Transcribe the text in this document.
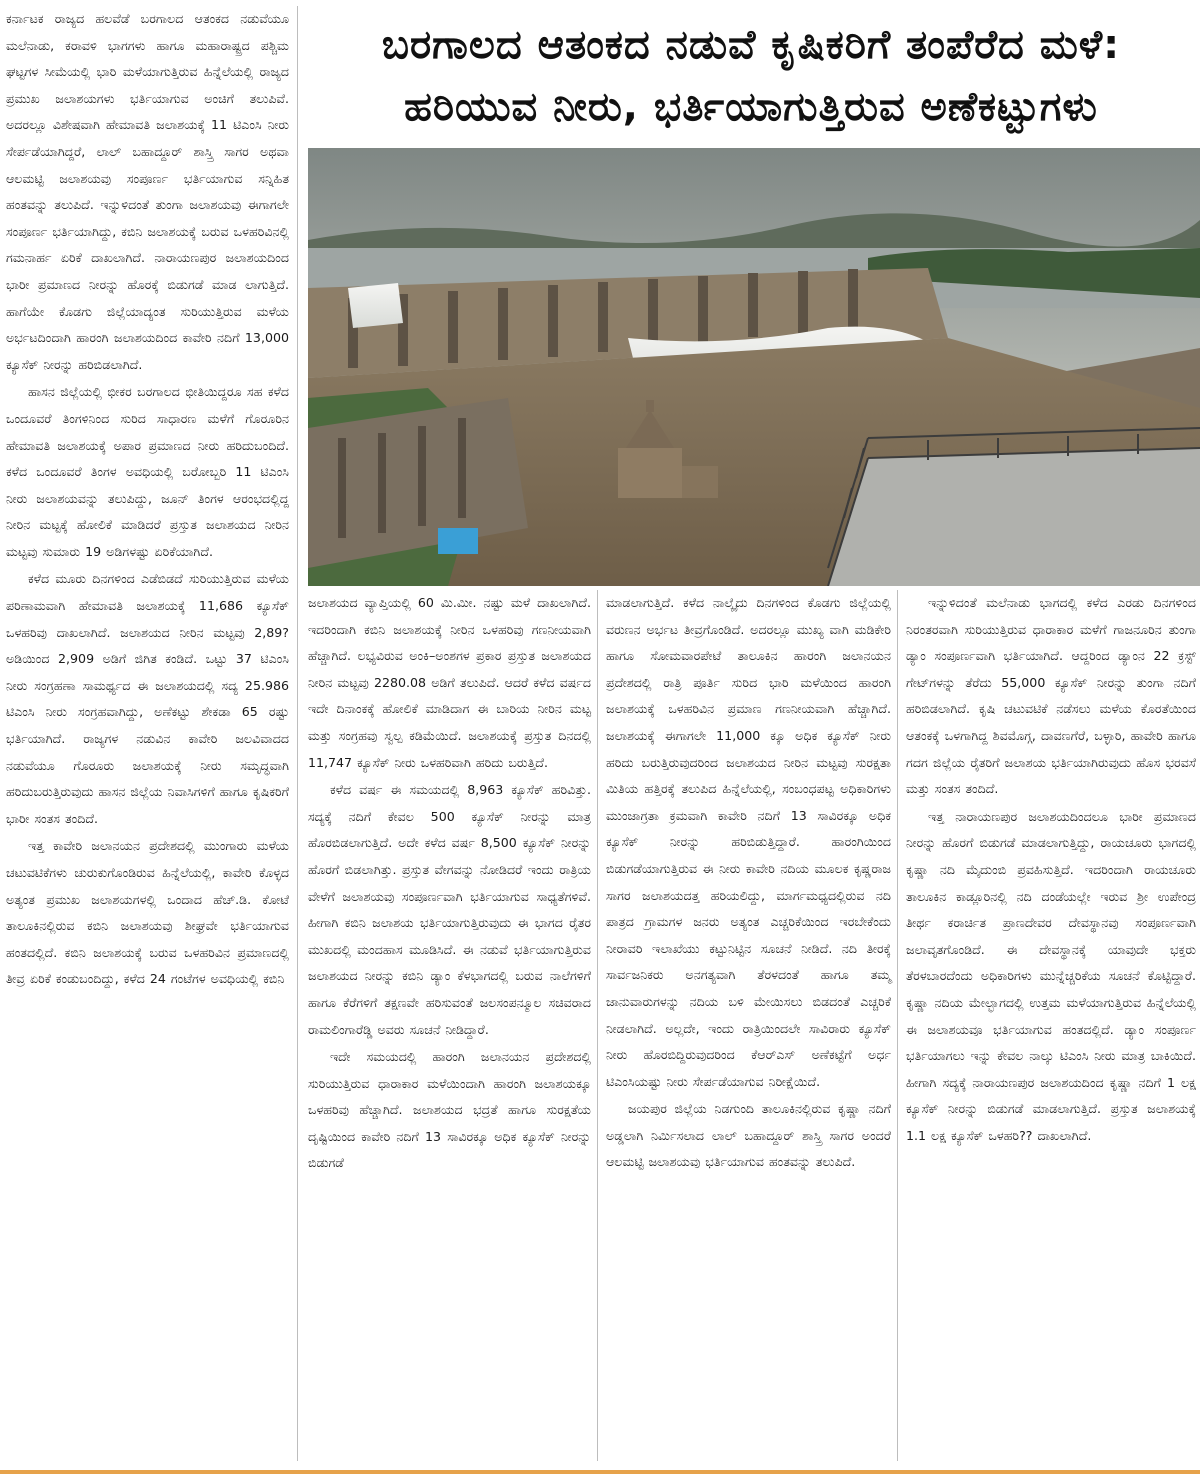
ಕರ್ನಾಟಕ ರಾಜ್ಯದ ಹಲವೆಡೆ ಬರಗಾಲದ ಆತಂಕದ ನಡುವೆಯೂ ಮಲೆನಾಡು, ಕರಾವಳಿ ಭಾಗಗಳು ಹಾಗೂ ಮಹಾರಾಷ್ಟ್ರದ ಪಶ್ಚಿಮ ಘಟ್ಟಗಳ ಸೀಮೆಯಲ್ಲಿ ಭಾರಿ ಮಳೆಯಾಗುತ್ತಿರುವ ಹಿನ್ನೆಲೆಯಲ್ಲಿ ರಾಜ್ಯದ ಪ್ರಮುಖ ಜಲಾಶಯಗಳು ಭರ್ತಿಯಾಗುವ ಅಂಚಿಗೆ ತಲುಪಿವೆ. ಅದರಲ್ಲೂ ವಿಶೇಷವಾಗಿ ಹೇಮಾವತಿ ಜಲಾಶಯಕ್ಕೆ 11 ಟಿಎಂಸಿ ನೀರು ಸೇರ್ಪಡೆಯಾಗಿದ್ದರೆ, ಲಾಲ್ ಬಹಾದ್ದೂರ್ ಶಾಸ್ತ್ರಿ ಸಾಗರ ಅಥವಾ ಆಲಮಟ್ಟಿ ಜಲಾಶಯವು ಸಂಪೂರ್ಣ ಭರ್ತಿಯಾಗುವ ಸನ್ನಿಹಿತ ಹಂತವನ್ನು ತಲುಪಿದೆ. ಇನ್ನುಳಿದಂತೆ ತುಂಗಾ ಜಲಾಶಯವು ಈಗಾಗಲೇ ಸಂಪೂರ್ಣ ಭರ್ತಿಯಾಗಿದ್ದು, ಕಬಿನಿ ಜಲಾಶಯಕ್ಕೆ ಬರುವ ಒಳಹರಿವಿನಲ್ಲಿ ಗಮನಾರ್ಹ ಏರಿಕೆ ದಾಖಲಾಗಿದೆ. ನಾರಾಯಣಪುರ ಜಲಾಶಯದಿಂದ ಭಾರೀ ಪ್ರಮಾಣದ ನೀರನ್ನು ಹೊರಕ್ಕೆ ಬಿಡುಗಡೆ ಮಾಡ ಲಾಗುತ್ತಿದೆ. ಹಾಗೆಯೇ ಕೊಡಗು ಜಿಲ್ಲೆಯಾದ್ಯಂತ ಸುರಿಯುತ್ತಿರುವ ಮಳೆಯ ಅರ್ಭಟದಿಂದಾಗಿ ಹಾರಂಗಿ ಜಲಾಶಯದಿಂದ ಕಾವೇರಿ ನದಿಗೆ 13,000 ಕ್ಯೂಸೆಕ್ ನೀರನ್ನು ಹರಿಬಿಡಲಾಗಿದೆ.

ಹಾಸನ ಜಿಲ್ಲೆಯಲ್ಲಿ ಭೀಕರ ಬರಗಾಲದ ಭೀತಿಯಿದ್ದರೂ ಸಹ ಕಳೆದ ಒಂದೂವರೆ ತಿಂಗಳಿನಿಂದ ಸುರಿದ ಸಾಧಾರಣ ಮಳೆಗೆ ಗೊರೂರಿನ ಹೇಮಾವತಿ ಜಲಾಶಯಕ್ಕೆ ಅಪಾರ ಪ್ರಮಾಣದ ನೀರು ಹರಿದುಬಂದಿದೆ. ಕಳೆದ ಒಂದೂವರೆ ತಿಂಗಳ ಅವಧಿಯಲ್ಲಿ ಬರೋಬ್ಬರಿ 11 ಟಿಎಂಸಿ ನೀರು ಜಲಾಶಯವನ್ನು ತಲುಪಿದ್ದು, ಜೂನ್ ತಿಂಗಳ ಆರಂಭದಲ್ಲಿದ್ದ ನೀರಿನ ಮಟ್ಟಕ್ಕೆ ಹೋಲಿಕೆ ಮಾಡಿದರೆ ಪ್ರಸ್ತುತ ಜಲಾಶಯದ ನೀರಿನ ಮಟ್ಟವು ಸುಮಾರು 19 ಅಡಿಗಳಷ್ಟು ಏರಿಕೆಯಾಗಿದೆ.

ಕಳೆದ ಮೂರು ದಿನಗಳಿಂದ ಎಡೆಬಿಡದೆ ಸುರಿಯುತ್ತಿರುವ ಮಳೆಯ ಪರಿಣಾಮವಾಗಿ ಹೇಮಾವತಿ ಜಲಾಶಯಕ್ಕೆ 11,686 ಕ್ಯೂಸೆಕ್ ಒಳಹರಿವು ದಾಖಲಾಗಿದೆ. ಜಲಾಶಯದ ನೀರಿನ ಮಟ್ಟವು 2,89? ಅಡಿಯಿಂದ 2,909 ಅಡಿಗೆ ಜಿಗಿತ ಕಂಡಿದೆ. ಒಟ್ಟು 37 ಟಿಎಂಸಿ ನೀರು ಸಂಗ್ರಹಣಾ ಸಾಮರ್ಥ್ಯದ ಈ ಜಲಾಶಯದಲ್ಲಿ ಸದ್ಯ 25.986 ಟಿಎಂಸಿ ನೀರು ಸಂಗ್ರಹವಾಗಿದ್ದು, ಅಣೆಕಟ್ಟು ಶೇಕಡಾ 65 ರಷ್ಟು ಭರ್ತಿಯಾಗಿದೆ. ರಾಜ್ಯಗಳ ನಡುವಿನ ಕಾವೇರಿ ಜಲವಿವಾದದ ನಡುವೆಯೂ ಗೊರೂರು ಜಲಾಶಯಕ್ಕೆ ನೀರು ಸಮೃದ್ಧವಾಗಿ ಹರಿದುಬರುತ್ತಿರುವುದು ಹಾಸನ ಜಿಲ್ಲೆಯ ನಿವಾಸಿಗಳಿಗೆ ಹಾಗೂ ಕೃಷಿಕರಿಗೆ ಭಾರೀ ಸಂತಸ ತಂದಿದೆ.

ಇತ್ತ ಕಾವೇರಿ ಜಲಾನಯನ ಪ್ರದೇಶದಲ್ಲಿ ಮುಂಗಾರು ಮಳೆಯ ಚಟುವಟಿಕೆಗಳು ಚುರುಕುಗೊಂಡಿರುವ ಹಿನ್ನೆಲೆಯಲ್ಲಿ, ಕಾವೇರಿ ಕೊಳ್ಳದ ಅತ್ಯಂತ ಪ್ರಮುಖ ಜಲಾಶಯಗಳಲ್ಲಿ ಒಂದಾದ ಹೆಚ್.ಡಿ. ಕೋಟೆ ತಾಲೂಕಿನಲ್ಲಿರುವ ಕಬಿನಿ ಜಲಾಶಯವು ಶೀಘ್ರವೇ ಭರ್ತಿಯಾಗುವ ಹಂತದಲ್ಲಿದೆ. ಕಬಿನಿ ಜಲಾಶಯಕ್ಕೆ ಬರುವ ಒಳಹರಿವಿನ ಪ್ರಮಾಣದಲ್ಲಿ ತೀವ್ರ ಏರಿಕೆ ಕಂಡುಬಂದಿದ್ದು, ಕಳೆದ 24 ಗಂಟೆಗಳ ಅವಧಿಯಲ್ಲಿ ಕಬಿನಿ

ಬರಗಾಲದ ಆತಂಕದ ನಡುವೆ ಕೃಷಿಕರಿಗೆ ತಂಪೆರೆದ ಮಳೆ:
ಹರಿಯುವ ನೀರು, ಭರ್ತಿಯಾಗುತ್ತಿರುವ ಅಣೆಕಟ್ಟುಗಳು

ಜಲಾಶಯದ ವ್ಯಾಪ್ತಿಯಲ್ಲಿ 60 ಮಿ.ಮೀ. ನಷ್ಟು ಮಳೆ ದಾಖಲಾಗಿದೆ. ಇದರಿಂದಾಗಿ ಕಬಿನಿ ಜಲಾಶಯಕ್ಕೆ ನೀರಿನ ಒಳಹರಿವು ಗಣನೀಯವಾಗಿ ಹೆಚ್ಚಾಗಿದೆ. ಲಭ್ಯವಿರುವ ಅಂಕಿ–ಅಂಶಗಳ ಪ್ರಕಾರ ಪ್ರಸ್ತುತ ಜಲಾಶಯದ ನೀರಿನ ಮಟ್ಟವು 2280.08 ಅಡಿಗೆ ತಲುಪಿದೆ. ಆದರೆ ಕಳೆದ ವರ್ಷದ ಇದೇ ದಿನಾಂಕಕ್ಕೆ ಹೋಲಿಕೆ ಮಾಡಿದಾಗ ಈ ಬಾರಿಯ ನೀರಿನ ಮಟ್ಟ ಮತ್ತು ಸಂಗ್ರಹವು ಸ್ವಲ್ಪ ಕಡಿಮೆಯಿದೆ. ಜಲಾಶಯಕ್ಕೆ ಪ್ರಸ್ತುತ ದಿನದಲ್ಲಿ 11,747 ಕ್ಯೂಸೆಕ್ ನೀರು ಒಳಹರಿವಾಗಿ ಹರಿದು ಬರುತ್ತಿದೆ.

ಕಳೆದ ವರ್ಷ ಈ ಸಮಯದಲ್ಲಿ 8,963 ಕ್ಯೂಸೆಕ್ ಹರಿವಿತ್ತು. ಸದ್ಯಕ್ಕೆ ನದಿಗೆ ಕೇವಲ 500 ಕ್ಯೂಸೆಕ್ ನೀರನ್ನು ಮಾತ್ರ ಹೊರಬಿಡಲಾಗುತ್ತಿದೆ. ಅದೇ ಕಳೆದ ವರ್ಷ 8,500 ಕ್ಯೂಸೆಕ್ ನೀರನ್ನು ಹೊರಗೆ ಬಿಡಲಾಗಿತ್ತು. ಪ್ರಸ್ತುತ ವೇಗವನ್ನು ನೋಡಿದರೆ ಇಂದು ರಾತ್ರಿಯ ವೇಳೆಗೆ ಜಲಾಶಯವು ಸಂಪೂರ್ಣವಾಗಿ ಭರ್ತಿಯಾಗುವ ಸಾಧ್ಯತೆಗಳಿವೆ. ಹೀಗಾಗಿ ಕಬಿನಿ ಜಲಾಶಯ ಭರ್ತಿಯಾಗುತ್ತಿರುವುದು ಈ ಭಾಗದ ರೈತರ ಮುಖದಲ್ಲಿ ಮಂದಹಾಸ ಮೂಡಿಸಿದೆ. ಈ ನಡುವೆ ಭರ್ತಿಯಾಗುತ್ತಿರುವ ಜಲಾಶಯದ ನೀರನ್ನು ಕಬಿನಿ ಡ್ಯಾಂ ಕೆಳಭಾಗದಲ್ಲಿ ಬರುವ ನಾಲೆಗಳಿಗೆ ಹಾಗೂ ಕೆರೆಗಳಿಗೆ ತಕ್ಷಣವೇ ಹರಿಸುವಂತೆ ಜಲಸಂಪನ್ಮೂಲ ಸಚಿವರಾದ ರಾಮಲಿಂಗಾರೆಡ್ಡಿ ಅವರು ಸೂಚನೆ ನೀಡಿದ್ದಾರೆ.

ಇದೇ ಸಮಯದಲ್ಲಿ ಹಾರಂಗಿ ಜಲಾನಯನ ಪ್ರದೇಶದಲ್ಲಿ ಸುರಿಯುತ್ತಿರುವ ಧಾರಾಕಾರ ಮಳೆಯಿಂದಾಗಿ ಹಾರಂಗಿ ಜಲಾಶಯಕ್ಕೂ ಒಳಹರಿವು ಹೆಚ್ಚಾಗಿದೆ. ಜಲಾಶಯದ ಭದ್ರತೆ ಹಾಗೂ ಸುರಕ್ಷತೆಯ ದೃಷ್ಟಿಯಿಂದ ಕಾವೇರಿ ನದಿಗೆ 13 ಸಾವಿರಕ್ಕೂ ಅಧಿಕ ಕ್ಯೂಸೆಕ್ ನೀರನ್ನು ಬಿಡುಗಡೆ

ಮಾಡಲಾಗುತ್ತಿದೆ. ಕಳೆದ ನಾಲ್ಕೈದು ದಿನಗಳಿಂದ ಕೊಡಗು ಜಿಲ್ಲೆಯಲ್ಲಿ ವರುಣನ ಅರ್ಭಟ ತೀವ್ರಗೊಂಡಿದೆ. ಅದರಲ್ಲೂ ಮುಖ್ಯ ವಾಗಿ ಮಡಿಕೇರಿ ಹಾಗೂ ಸೋಮವಾರಪೇಟೆ ತಾಲೂಕಿನ ಹಾರಂಗಿ ಜಲಾನಯನ ಪ್ರದೇಶದಲ್ಲಿ ರಾತ್ರಿ ಪೂರ್ತಿ ಸುರಿದ ಭಾರಿ ಮಳೆಯಿಂದ ಹಾರಂಗಿ ಜಲಾಶಯಕ್ಕೆ ಒಳಹರಿವಿನ ಪ್ರಮಾಣ ಗಣನೀಯವಾಗಿ ಹೆಚ್ಚಾಗಿದೆ. ಜಲಾಶಯಕ್ಕೆ ಈಗಾಗಲೇ 11,000 ಕ್ಕೂ ಅಧಿಕ ಕ್ಯೂಸೆಕ್ ನೀರು ಹರಿದು ಬರುತ್ತಿರುವುದರಿಂದ ಜಲಾಶಯದ ನೀರಿನ ಮಟ್ಟವು ಸುರಕ್ಷತಾ ಮಿತಿಯ ಹತ್ತಿರಕ್ಕೆ ತಲುಪಿದ ಹಿನ್ನೆಲೆಯಲ್ಲಿ, ಸಂಬಂಧಪಟ್ಟ ಅಧಿಕಾರಿಗಳು ಮುಂಜಾಗ್ರತಾ ಕ್ರಮವಾಗಿ ಕಾವೇರಿ ನದಿಗೆ 13 ಸಾವಿರಕ್ಕೂ ಅಧಿಕ ಕ್ಯೂಸೆಕ್ ನೀರನ್ನು ಹರಿಬಿಡುತ್ತಿದ್ದಾರೆ. ಹಾರಂಗಿಯಿಂದ ಬಿಡುಗಡೆಯಾಗುತ್ತಿರುವ ಈ ನೀರು ಕಾವೇರಿ ನದಿಯ ಮೂಲಕ ಕೃಷ್ಣರಾಜ ಸಾಗರ ಜಲಾಶಯದತ್ತ ಹರಿಯಲಿದ್ದು, ಮಾರ್ಗಮಧ್ಯದಲ್ಲಿರುವ ನದಿ ಪಾತ್ರದ ಗ್ರಾಮಗಳ ಜನರು ಅತ್ಯಂತ ಎಚ್ಚರಿಕೆಯಿಂದ ಇರಬೇಕೆಂದು ನೀರಾವರಿ ಇಲಾಖೆಯು ಕಟ್ಟುನಿಟ್ಟಿನ ಸೂಚನೆ ನೀಡಿದೆ. ನದಿ ತೀರಕ್ಕೆ ಸಾರ್ವಜನಿಕರು ಅನಗತ್ಯವಾಗಿ ತೆರಳದಂತೆ ಹಾಗೂ ತಮ್ಮ ಜಾನುವಾರುಗಳನ್ನು ನದಿಯ ಬಳಿ ಮೇಯಿಸಲು ಬಿಡದಂತೆ ಎಚ್ಚರಿಕೆ ನೀಡಲಾಗಿದೆ. ಅಲ್ಲದೇ, ಇಂದು ರಾತ್ರಿಯಿಂದಲೇ ಸಾವಿರಾರು ಕ್ಯೂಸೆಕ್ ನೀರು ಹೊರಬಿದ್ದಿರುವುದರಿಂದ ಕೆಆರ್‌ಎಸ್ ಅಣೆಕಟ್ಟೆಗೆ ಅರ್ಧ ಟಿಎಂಸಿಯಷ್ಟು ನೀರು ಸೇರ್ಪಡೆಯಾಗುವ ನಿರೀಕ್ಷೆಯಿದೆ.

ಜಯಪುರ ಜಿಲ್ಲೆಯ ನಿಡಗುಂದಿ ತಾಲೂಕಿನಲ್ಲಿರುವ ಕೃಷ್ಣಾ ನದಿಗೆ ಅಡ್ಡಲಾಗಿ ನಿರ್ಮಿಸಲಾದ ಲಾಲ್ ಬಹಾದ್ದೂರ್ ಶಾಸ್ತ್ರಿ ಸಾಗರ ಅಂದರೆ ಆಲಮಟ್ಟಿ ಜಲಾಶಯವು ಭರ್ತಿಯಾಗುವ ಹಂತವನ್ನು ತಲುಪಿದೆ.

ಇನ್ನುಳಿದಂತೆ ಮಲೆನಾಡು ಭಾಗದಲ್ಲಿ ಕಳೆದ ಎರಡು ದಿನಗಳಿಂದ ನಿರಂತರವಾಗಿ ಸುರಿಯುತ್ತಿರುವ ಧಾರಾಕಾರ ಮಳೆಗೆ ಗಾಜನೂರಿನ ತುಂಗಾ ಡ್ಯಾಂ ಸಂಪೂರ್ಣವಾಗಿ ಭರ್ತಿಯಾಗಿದೆ. ಆದ್ದರಿಂದ ಡ್ಯಾಂನ 22 ಕ್ರಸ್ಟ್ ಗೇಟ್‌ಗಳನ್ನು ತೆರೆದು 55,000 ಕ್ಯೂಸೆಕ್ ನೀರನ್ನು ತುಂಗಾ ನದಿಗೆ ಹರಿಬಿಡಲಾಗಿದೆ. ಕೃಷಿ ಚಟುವಟಿಕೆ ನಡೆಸಲು ಮಳೆಯ ಕೊರತೆಯಿಂದ ಆತಂಕಕ್ಕೆ ಒಳಗಾಗಿದ್ದ ಶಿವಮೊಗ್ಗ, ದಾವಣಗೆರೆ, ಬಳ್ಳಾರಿ, ಹಾವೇರಿ ಹಾಗೂ ಗದಗ ಜಿಲ್ಲೆಯ ರೈತರಿಗೆ ಜಲಾಶಯ ಭರ್ತಿಯಾಗಿರುವುದು ಹೊಸ ಭರವಸೆ ಮತ್ತು ಸಂತಸ ತಂದಿದೆ.

ಇತ್ತ ನಾರಾಯಣಪುರ ಜಲಾಶಯದಿಂದಲೂ ಭಾರೀ ಪ್ರಮಾಣದ ನೀರನ್ನು ಹೊರಗೆ ಬಿಡುಗಡೆ ಮಾಡಲಾಗುತ್ತಿದ್ದು, ರಾಯಚೂರು ಭಾಗದಲ್ಲಿ ಕೃಷ್ಣಾ ನದಿ ಮೈದುಂಬಿ ಪ್ರವಹಿಸುತ್ತಿದೆ. ಇದರಿಂದಾಗಿ ರಾಯಚೂರು ತಾಲೂಕಿನ ಕಾಡ್ಲೂರಿನಲ್ಲಿ ನದಿ ದಂಡೆಯಲ್ಲೇ ಇರುವ ಶ್ರೀ ಉಪೇಂದ್ರ ತೀರ್ಥ ಕರಾರ್ಚಿತ ಪ್ರಾಣದೇವರ ದೇವಸ್ಥಾನವು ಸಂಪೂರ್ಣವಾಗಿ ಜಲಾವೃತಗೊಂಡಿದೆ. ಈ ದೇವಸ್ಥಾನಕ್ಕೆ ಯಾವುದೇ ಭಕ್ತರು ತೆರಳಬಾರದೆಂದು ಅಧಿಕಾರಿಗಳು ಮುನ್ನೆಚ್ಚರಿಕೆಯ ಸೂಚನೆ ಕೊಟ್ಟಿದ್ದಾರೆ. ಕೃಷ್ಣಾ ನದಿಯ ಮೇಲ್ಭಾಗದಲ್ಲಿ ಉತ್ತಮ ಮಳೆಯಾಗುತ್ತಿರುವ ಹಿನ್ನೆಲೆಯಲ್ಲಿ ಈ ಜಲಾಶಯವೂ ಭರ್ತಿಯಾಗುವ ಹಂತದಲ್ಲಿದೆ. ಡ್ಯಾಂ ಸಂಪೂರ್ಣ ಭರ್ತಿಯಾಗಲು ಇನ್ನು ಕೇವಲ ನಾಲ್ಕು ಟಿಎಂಸಿ ನೀರು ಮಾತ್ರ ಬಾಕಿಯಿದೆ. ಹೀಗಾಗಿ ಸದ್ಯಕ್ಕೆ ನಾರಾಯಣಪುರ ಜಲಾಶಯದಿಂದ ಕೃಷ್ಣಾ ನದಿಗೆ 1 ಲಕ್ಷ ಕ್ಯೂಸೆಕ್ ನೀರನ್ನು ಬಿಡುಗಡೆ ಮಾಡಲಾಗುತ್ತಿದೆ. ಪ್ರಸ್ತುತ ಜಲಾಶಯಕ್ಕೆ 1.1 ಲಕ್ಷ ಕ್ಯೂಸೆಕ್ ಒಳಹರಿ?? ದಾಖಲಾಗಿದೆ.
